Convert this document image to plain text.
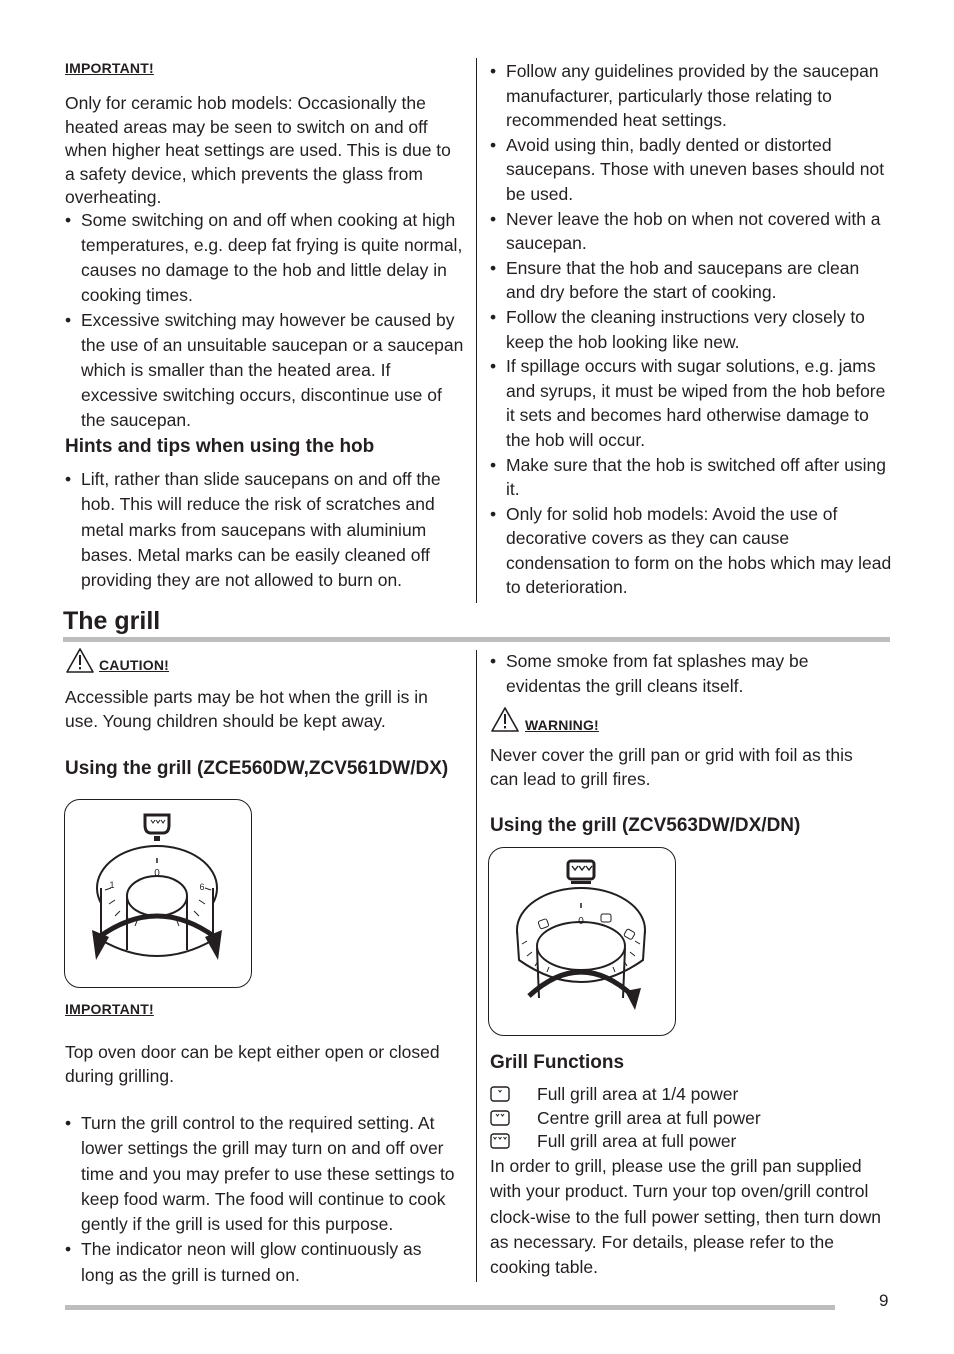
IMPORTANT!
Only for ceramic hob models: Occasionally the heated areas may be seen to switch on and off when higher heat settings are used. This is due to a safety device, which prevents the glass from overheating.
• Some switching on and off when cooking at high temperatures, e.g. deep fat frying is quite normal, causes no damage to the hob and little delay in cooking times.
• Excessive switching may however be caused by the use of an unsuitable saucepan or a saucepan which is smaller than the heated area. If excessive switching occurs, discontinue use of the saucepan.
Hints and tips when using the hob
• Lift, rather than slide saucepans on and off the hob. This will reduce the risk of scratches and metal marks from saucepans with aluminium bases. Metal marks can be easily cleaned off providing they are not allowed to burn on.
• Follow any guidelines provided by the saucepan manufacturer, particularly those relating to recommended heat settings.
• Avoid using thin, badly dented or distorted saucepans. Those with uneven bases should not be used.
• Never leave the hob on when not covered with a saucepan.
• Ensure that the hob and saucepans are clean and dry before the start of cooking.
• Follow the cleaning instructions very closely to keep the hob looking like new.
• If spillage occurs with sugar solutions, e.g. jams and syrups, it must be wiped from the hob before it sets and becomes hard otherwise damage to the hob will occur.
• Make sure that the hob is switched off after using it.
• Only for solid hob models: Avoid the use of decorative covers as they can cause condensation to form on the hobs which may lead to deterioration.
The grill
CAUTION!
Accessible parts may be hot when the grill is in use. Young children should be kept away.
Using the grill (ZCE560DW,ZCV561DW/DX)
0
1	6
IMPORTANT!
Top oven door can be kept either open or closed during grilling.
• Turn the grill control to the required setting. At lower settings the grill may turn on and off over time and you may prefer to use these settings to keep food warm. The food will continue to cook gently if the grill is used for this purpose.
• The indicator neon will glow continuously as long as the grill is turned on.
• Some smoke from fat splashes may be evidentas the grill cleans itself.
WARNING!
Never cover the grill pan or grid with foil as this can lead to grill fires.
Using the grill (ZCV563DW/DX/DN)
0
Grill Functions
Full grill area at 1/4 power
Centre grill area at full power
Full grill area at full power
In order to grill, please use the grill pan supplied with your product. Turn your top oven/grill control clock-wise to the full power setting, then turn down as necessary. For details, please refer to the cooking table.
9
